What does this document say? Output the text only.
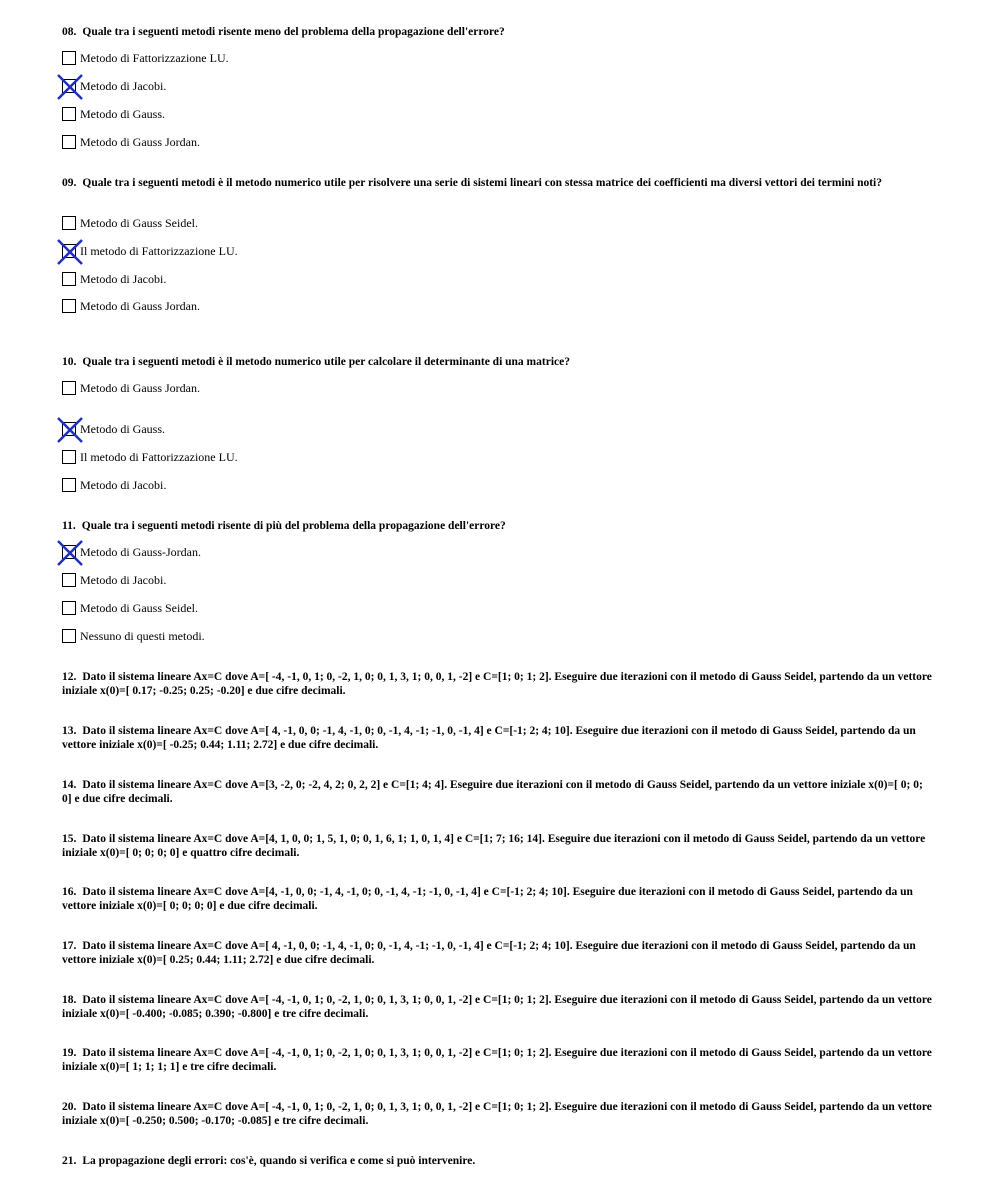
08. Quale tra i seguenti metodi risente meno del problema della propagazione dell'errore?
Metodo di Fattorizzazione LU.
Metodo di Jacobi.
Metodo di Gauss.
Metodo di Gauss Jordan.
09. Quale tra i seguenti metodi è il metodo numerico utile per risolvere una serie di sistemi lineari con stessa matrice dei coefficienti ma diversi vettori dei termini noti?
Metodo di Gauss Seidel.
Il metodo di Fattorizzazione LU.
Metodo di Jacobi.
Metodo di Gauss Jordan.
10. Quale tra i seguenti metodi è il metodo numerico utile per calcolare il determinante di una matrice?
Metodo di Gauss Jordan.
Metodo di Gauss.
Il metodo di Fattorizzazione LU.
Metodo di Jacobi.
11. Quale tra i seguenti metodi risente di più del problema della propagazione dell'errore?
Metodo di Gauss-Jordan.
Metodo di Jacobi.
Metodo di Gauss Seidel.
Nessuno di questi metodi.
12. Dato il sistema lineare Ax=C dove A=[ -4, -1, 0, 1; 0, -2, 1, 0; 0, 1, 3, 1; 0, 0, 1, -2] e C=[1; 0; 1; 2]. Eseguire due iterazioni con il metodo di Gauss Seidel, partendo da un vettore iniziale x(0)=[ 0.17; -0.25; 0.25; -0.20] e due cifre decimali.
13. Dato il sistema lineare Ax=C dove A=[ 4, -1, 0, 0; -1, 4, -1, 0; 0, -1, 4, -1; -1, 0, -1, 4] e C=[-1; 2; 4; 10]. Eseguire due iterazioni con il metodo di Gauss Seidel, partendo da un vettore iniziale x(0)=[ -0.25; 0.44; 1.11; 2.72] e due cifre decimali.
14. Dato il sistema lineare Ax=C dove A=[3, -2, 0; -2, 4, 2; 0, 2, 2] e C=[1; 4; 4]. Eseguire due iterazioni con il metodo di Gauss Seidel, partendo da un vettore iniziale x(0)=[ 0; 0; 0] e due cifre decimali.
15. Dato il sistema lineare Ax=C dove A=[4, 1, 0, 0; 1, 5, 1, 0; 0, 1, 6, 1; 1, 0, 1, 4] e C=[1; 7; 16; 14]. Eseguire due iterazioni con il metodo di Gauss Seidel, partendo da un vettore iniziale x(0)=[ 0; 0; 0; 0] e quattro cifre decimali.
16. Dato il sistema lineare Ax=C dove A=[4, -1, 0, 0; -1, 4, -1, 0; 0, -1, 4, -1; -1, 0, -1, 4] e C=[-1; 2; 4; 10]. Eseguire due iterazioni con il metodo di Gauss Seidel, partendo da un vettore iniziale x(0)=[ 0; 0; 0; 0] e due cifre decimali.
17. Dato il sistema lineare Ax=C dove A=[ 4, -1, 0, 0; -1, 4, -1, 0; 0, -1, 4, -1; -1, 0, -1, 4] e C=[-1; 2; 4; 10]. Eseguire due iterazioni con il metodo di Gauss Seidel, partendo da un vettore iniziale x(0)=[ 0.25; 0.44; 1.11; 2.72] e due cifre decimali.
18. Dato il sistema lineare Ax=C dove A=[ -4, -1, 0, 1; 0, -2, 1, 0; 0, 1, 3, 1; 0, 0, 1, -2] e C=[1; 0; 1; 2]. Eseguire due iterazioni con il metodo di Gauss Seidel, partendo da un vettore iniziale x(0)=[ -0.400; -0.085; 0.390; -0.800] e tre cifre decimali.
19. Dato il sistema lineare Ax=C dove A=[ -4, -1, 0, 1; 0, -2, 1, 0; 0, 1, 3, 1; 0, 0, 1, -2] e C=[1; 0; 1; 2]. Eseguire due iterazioni con il metodo di Gauss Seidel, partendo da un vettore iniziale x(0)=[ 1; 1; 1; 1] e tre cifre decimali.
20. Dato il sistema lineare Ax=C dove A=[ -4, -1, 0, 1; 0, -2, 1, 0; 0, 1, 3, 1; 0, 0, 1, -2] e C=[1; 0; 1; 2]. Eseguire due iterazioni con il metodo di Gauss Seidel, partendo da un vettore iniziale x(0)=[ -0.250; 0.500; -0.170; -0.085] e tre cifre decimali.
21. La propagazione degli errori: cos'è, quando si verifica e come si può intervenire.
